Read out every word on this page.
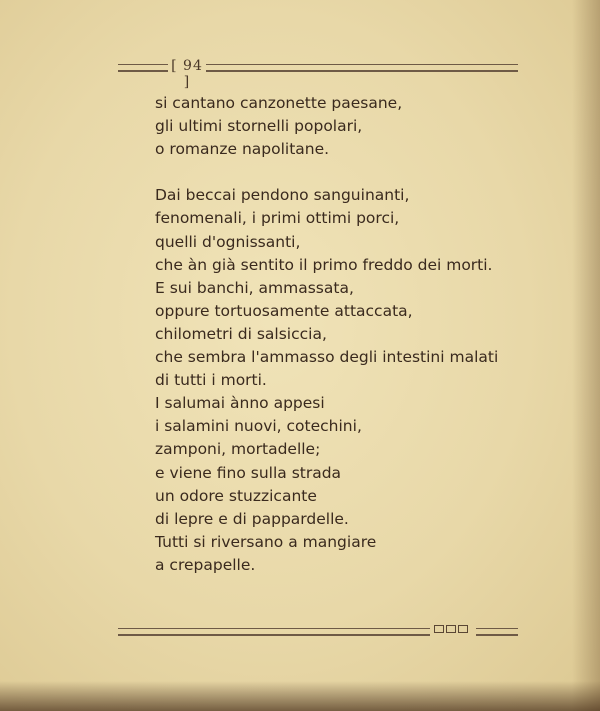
[ 94 ]
si cantano canzonette paesane,
gli ultimi stornelli popolari,
o romanze napolitane.
Dai beccai pendono sanguinanti,
fenomenali, i primi ottimi porci,
quelli d'ognissanti,
che àn già sentito il primo freddo dei morti.
E sui banchi, ammassata,
oppure tortuosamente attaccata,
chilometri di salsiccia,
che sembra l'ammasso degli intestini malati
di tutti i morti.
I salumai ànno appesi
i salamini nuovi, cotechini,
zamponi, mortadelle;
e viene fino sulla strada
un odore stuzzicante
di lepre e di pappardelle.
Tutti si riversano a mangiare
a crepapelle.
